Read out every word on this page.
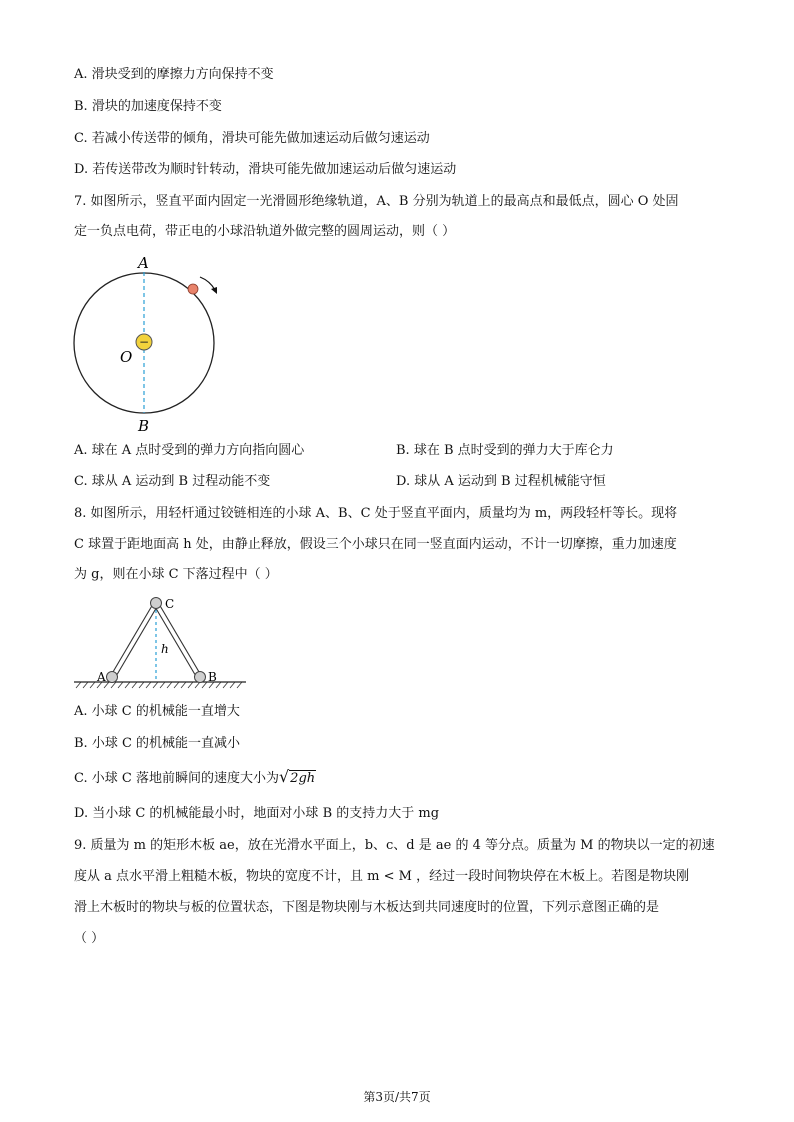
A. 滑块受到的摩擦力方向保持不变
B. 滑块的加速度保持不变
C. 若减小传送带的倾角，滑块可能先做加速运动后做匀速运动
D. 若传送带改为顺时针转动，滑块可能先做加速运动后做匀速运动
7. 如图所示，竖直平面内固定一光滑圆形绝缘轨道，A、B 分别为轨道上的最高点和最低点，圆心 O 处固
定一负点电荷，带正电的小球沿轨道外做完整的圆周运动，则（ ）
−
A
O
B
A. 球在 A 点时受到的弹力方向指向圆心	B. 球在 B 点时受到的弹力大于库仑力
C. 球从 A 运动到 B 过程动能不变	D. 球从 A 运动到 B 过程机械能守恒
8. 如图所示，用轻杆通过铰链相连的小球 A、B、C 处于竖直平面内，质量均为 m，两段轻杆等长。现将
C 球置于距地面高 h 处，由静止释放，假设三个小球只在同一竖直面内运动，不计一切摩擦，重力加速度
为 g，则在小球 C 下落过程中（ ）
C
h
A	B
A. 小球 C 的机械能一直增大
B. 小球 C 的机械能一直减小
C. 小球 C 落地前瞬间的速度大小为√2gh
D. 当小球 C 的机械能最小时，地面对小球 B 的支持力大于 mg
9. 质量为 m 的矩形木板 ae，放在光滑水平面上，b、c、d 是 ae 的 4 等分点。质量为 M 的物块以一定的初速
度从 a 点水平滑上粗糙木板，物块的宽度不计，且 m < M ，经过一段时间物块停在木板上。若图是物块刚
滑上木板时的物块与板的位置状态，下图是物块刚与木板达到共同速度时的位置，下列示意图正确的是
（ ）
第3页/共7页
